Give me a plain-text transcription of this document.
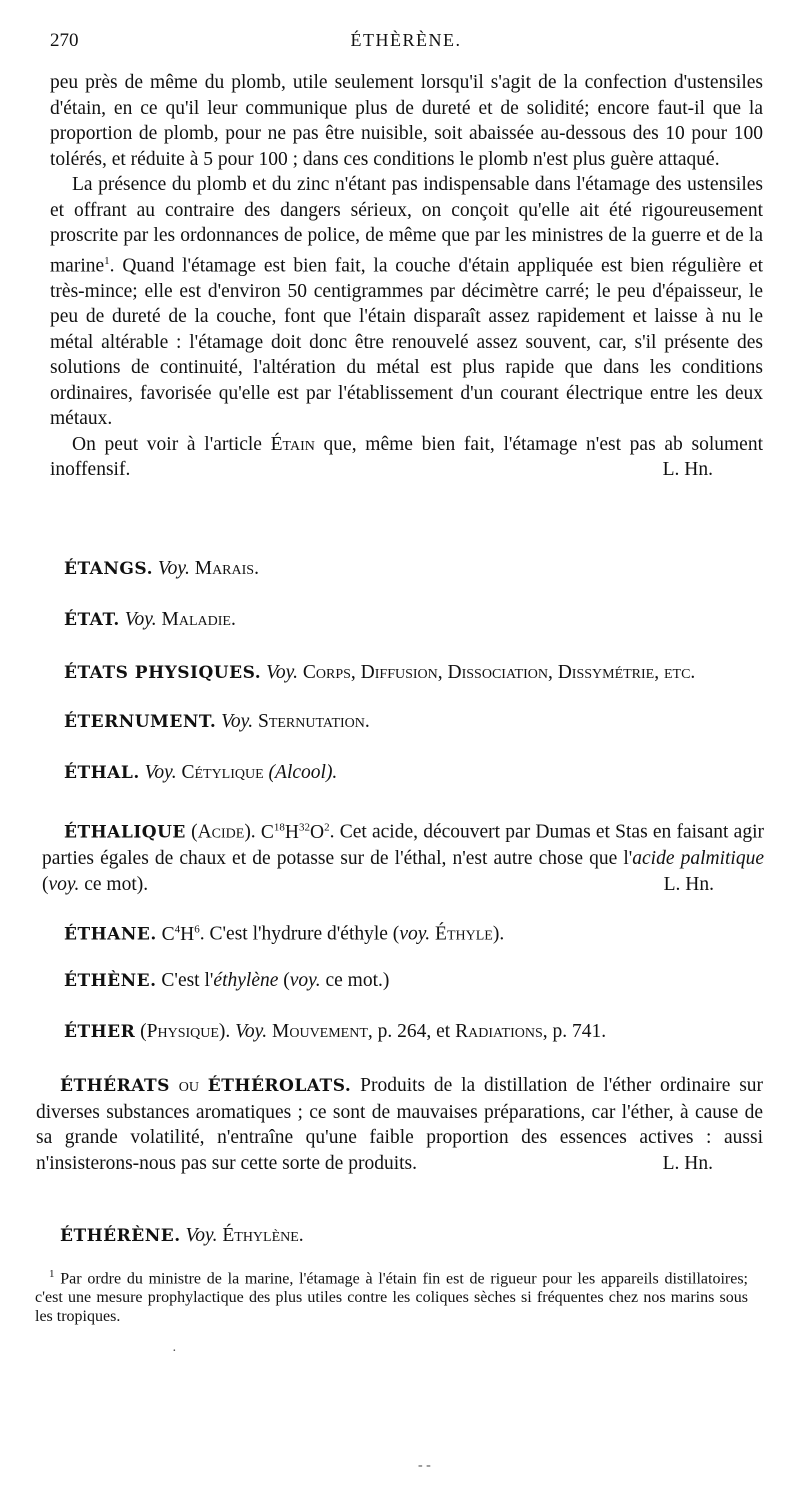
270	ÉTHÈRÈNE.

peu près de même du plomb, utile seulement lorsqu'il s'agit de la confection d'ustensiles d'étain, en ce qu'il leur communique plus de dureté et de solidité; encore faut-il que la proportion de plomb, pour ne pas être nuisible, soit abaissée au-dessous des 10 pour 100 tolérés, et réduite à 5 pour 100 ; dans ces conditions le plomb n'est plus guère attaqué.

La présence du plomb et du zinc n'étant pas indispensable dans l'étamage des ustensiles et offrant au contraire des dangers sérieux, on conçoit qu'elle ait été rigoureusement proscrite par les ordonnances de police, de même que par les ministres de la guerre et de la marine$^1$. Quand l'étamage est bien fait, la couche d'étain appliquée est bien régulière et très-mince; elle est d'environ 50 centigrammes par décimètre carré; le peu d'épaisseur, le peu de dureté de la couche, font que l'étain disparaît assez rapidement et laisse à nu le métal altérable : l'étamage doit donc être renouvelé assez souvent, car, s'il présente des solutions de continuité, l'altération du métal est plus rapide que dans les conditions ordinaires, favorisée qu'elle est par l'établissement d'un courant électrique entre les deux métaux.

On peut voir à l'article Étain que, même bien fait, l'étamage n'est pas ab solument inoffensif.	L. Hn.

ÉTANGS. Voy. Marais.
ÉTAT. Voy. Maladie.
ÉTATS PHYSIQUES. Voy. Corps, Diffusion, Dissociation, Dissymétrie, etc.
ÉTERNUMENT. Voy. Sternutation.
ÉTHAL. Voy. Cétylique (Alcool).

ÉTHALIQUE (Acide). $C^{18}H^{32}O^2$. Cet acide, découvert par Dumas et Stas en faisant agir parties égales de chaux et de potasse sur de l'éthal, n'est autre chose que l'acide palmitique (voy. ce mot).	L. Hn.

ÉTHANE. $C^4H^6$. C'est l'hydrure d'éthyle (voy. Éthyle).
ÉTHÈNE. C'est l'éthylène (voy. ce mot.)
ÉTHER (Physique). Voy. Mouvement, p. 264, et Radiations, p. 741.

ÉTHÉRATS ou ÉTHÉROLATS. Produits de la distillation de l'éther ordinaire sur diverses substances aromatiques ; ce sont de mauvaises préparations, car l'éther, à cause de sa grande volatilité, n'entraîne qu'une faible proportion des essences actives : aussi n'insisterons-nous pas sur cette sorte de produits.	L. Hn.

ÉTHÉRÈNE. Voy. Éthylène.

$^1$ Par ordre du ministre de la marine, l'étamage à l'étain fin est de rigueur pour les appareils distillatoires; c'est une mesure prophylactique des plus utiles contre les coliques sèches si fréquentes chez nos marins sous les tropiques.

·
‐ ‐
